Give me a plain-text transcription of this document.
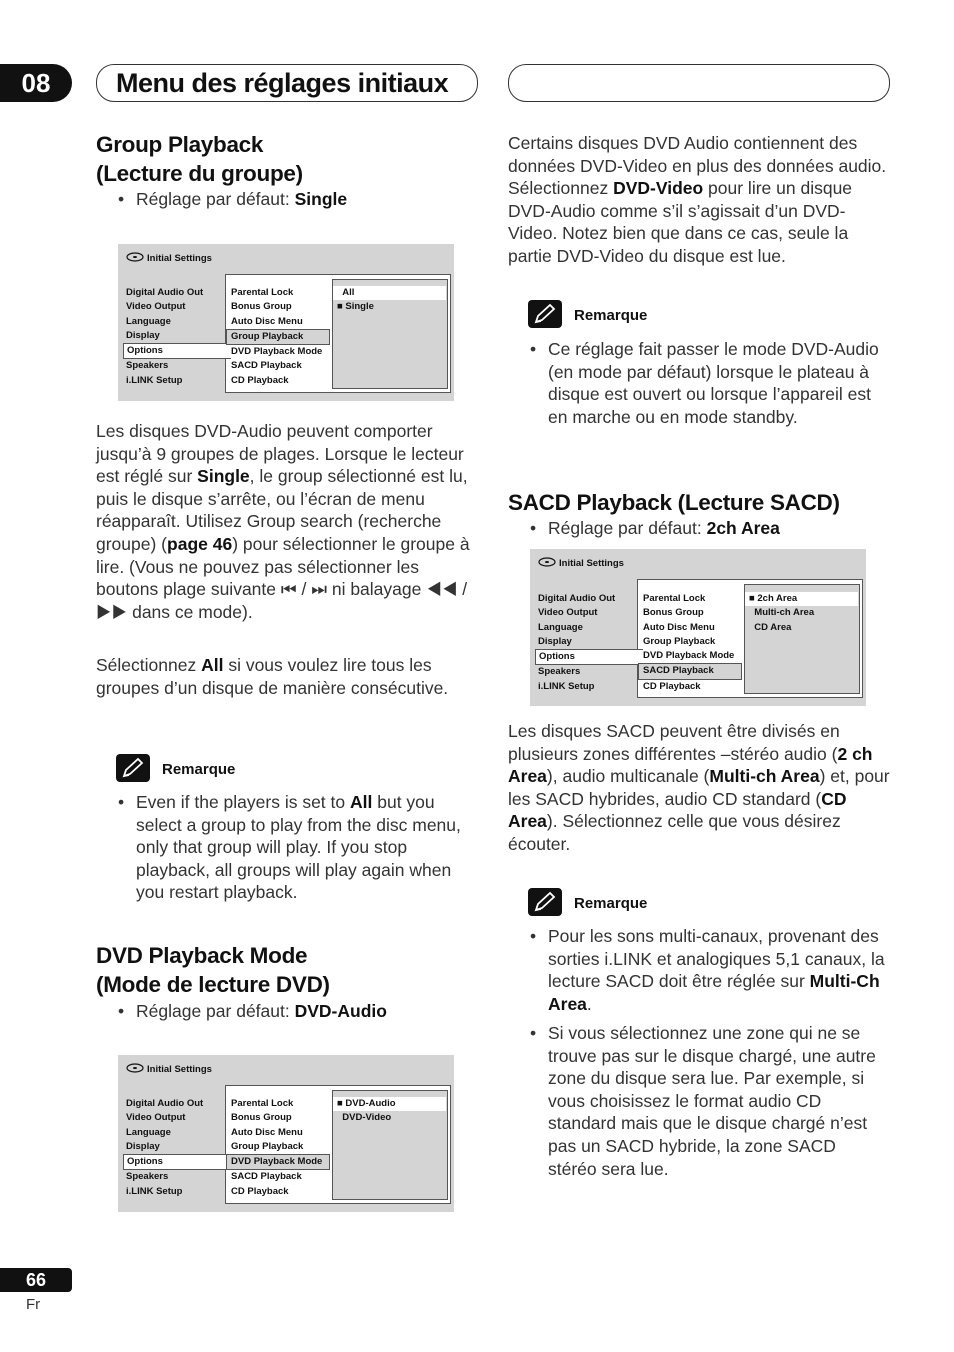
08	Menu des réglages initiaux
Group Playback
(Lecture du groupe)
• Réglage par défaut: Single
Initial Settings
Digital Audio Out
Video Output
Language
Display
Options
Speakers
i.LINK Setup
Parental Lock
Bonus Group
Auto Disc Menu
Group Playback
DVD Playback Mode
SACD Playback
CD Playback
All
■ Single

Les disques DVD-Audio peuvent comporter jusqu’à 9 groupes de plages. Lorsque le lecteur est réglé sur Single, le group sélectionné est lu, puis le disque s’arrête, ou l’écran de menu réapparaît. Utilisez Group search (recherche groupe) (page 46) pour sélectionner le groupe à lire. (Vous ne pouvez pas sélectionner les boutons plage suivante ⏮ / ⏭ ni balayage ◀◀ / ▶▶ dans ce mode).

Sélectionnez All si vous voulez lire tous les groupes d’un disque de manière consécutive.

Remarque
• Even if the players is set to All but you select a group to play from the disc menu, only that group will play. If you stop playback, all groups will play again when you restart playback.
DVD Playback Mode
(Mode de lecture DVD)
• Réglage par défaut: DVD-Audio
Initial Settings
Digital Audio Out
Video Output
Language
Display
Options
Speakers
i.LINK Setup
Parental Lock
Bonus Group
Auto Disc Menu
Group Playback
DVD Playback Mode
SACD Playback
CD Playback
■ DVD-Audio
DVD-Video

Certains disques DVD Audio contiennent des données DVD-Video en plus des données audio. Sélectionnez DVD-Video pour lire un disque DVD-Audio comme s’il s’agissait d’un DVD-Video. Notez bien que dans ce cas, seule la partie DVD-Video du disque est lue.

Remarque
• Ce réglage fait passer le mode DVD-Audio (en mode par défaut) lorsque le plateau à disque est ouvert ou lorsque l’appareil est en marche ou en mode standby.
SACD Playback (Lecture SACD)
• Réglage par défaut: 2ch Area
Initial Settings
Digital Audio Out
Video Output
Language
Display
Options
Speakers
i.LINK Setup
Parental Lock
Bonus Group
Auto Disc Menu
Group Playback
DVD Playback Mode
SACD Playback
CD Playback
■ 2ch Area
Multi-ch Area
CD Area

Les disques SACD peuvent être divisés en plusieurs zones différentes –stéréo audio (2 ch Area), audio multicanale (Multi-ch Area) et, pour les SACD hybrides, audio CD standard (CD Area). Sélectionnez celle que vous désirez écouter.

Remarque
• Pour les sons multi-canaux, provenant des sorties i.LINK et analogiques 5,1 canaux, la lecture SACD doit être réglée sur Multi-Ch Area.
• Si vous sélectionnez une zone qui ne se trouve pas sur le disque chargé, une autre zone du disque sera lue. Par exemple, si vous choisissez le format audio CD standard mais que le disque chargé n’est pas un SACD hybride, la zone SACD stéréo sera lue.
66
Fr
